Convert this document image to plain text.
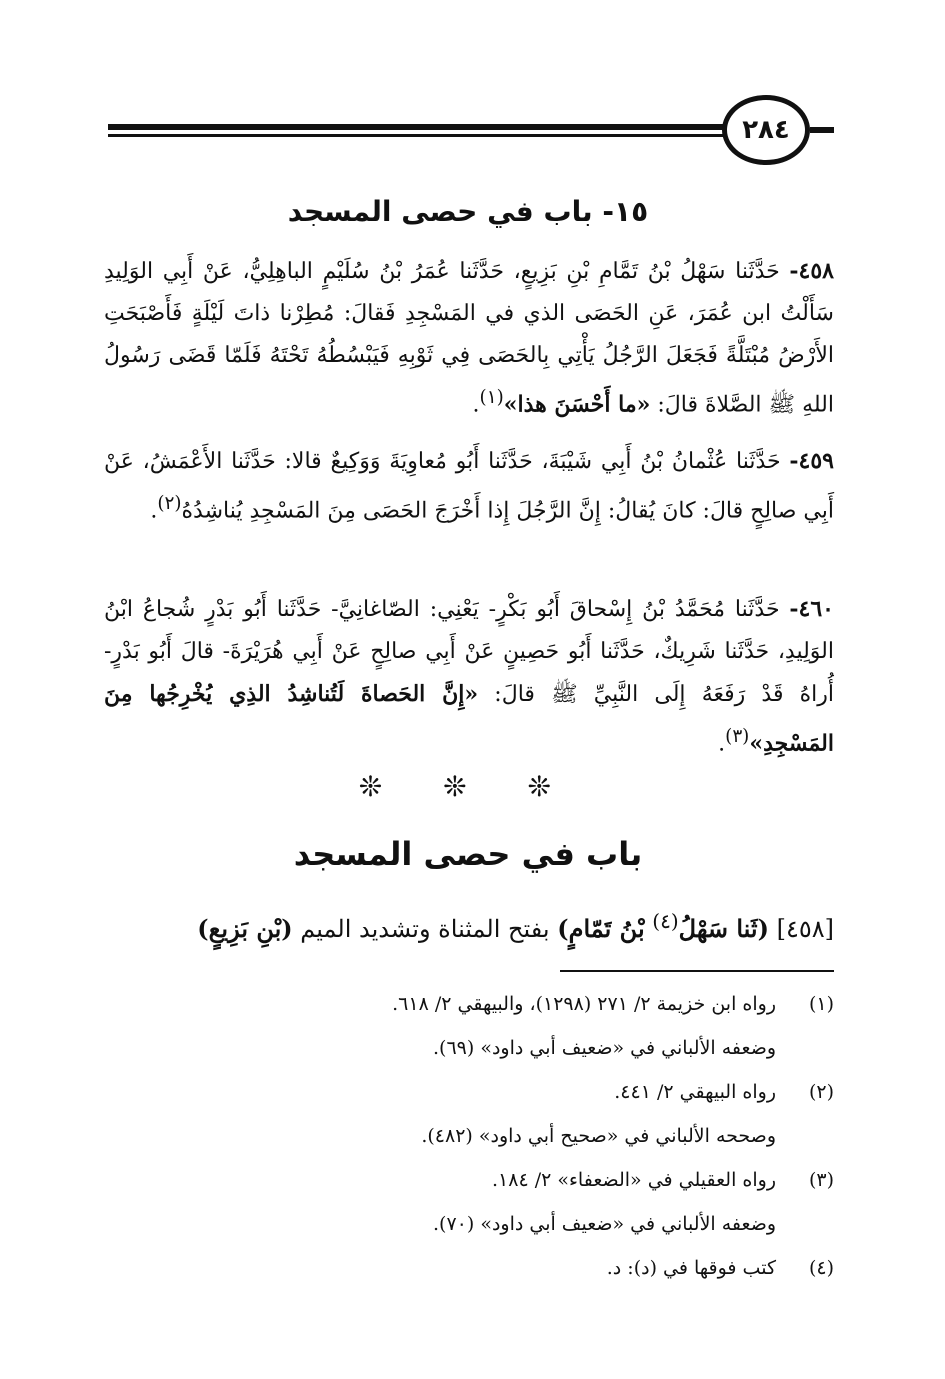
٢٨٤
١٥- باب في حصى المسجد
٤٥٨- حَدَّثَنا سَهْلُ بْنُ تَمَّامِ بْنِ بَزِيعٍ، حَدَّثَنا عُمَرُ بْنُ سُلَيْمٍ الباهِلِيُّ، عَنْ أَبِي الوَلِيدِ سَأَلْتُ ابن عُمَرَ، عَنِ الحَصَى الذي في المَسْجِدِ فَقالَ: مُطِرْنا ذاتَ لَيْلَةٍ فَأَصْبَحَتِ الأَرْضُ مُبْتَلَّةً فَجَعَلَ الرَّجُلُ يَأْتِي بِالحَصَى فِي ثَوْبِهِ فَيَبْسُطُهُ تَحْتَهُ فَلَمّا قَضَى رَسُولُ اللهِ ﷺ الصَّلاةَ قالَ: «ما أَحْسَنَ هذا»$^{(١)}$.
٤٥٩- حَدَّثَنا عُثْمانُ بْنُ أَبِي شَيْبَةَ، حَدَّثَنا أَبُو مُعاوِيَةَ وَوَكِيعٌ قالا: حَدَّثَنا الأَعْمَشُ، عَنْ أَبِي صالِحٍ قالَ: كانَ يُقالُ: إِنَّ الرَّجُلَ إِذا أَخْرَجَ الحَصَى مِنَ المَسْجِدِ يُناشِدُهُ$^{(٢)}$.
٤٦٠- حَدَّثَنا مُحَمَّدُ بْنُ إِسْحاقَ أَبُو بَكْرٍ- يَعْنِي: الصّاغانِيَّ- حَدَّثَنا أَبُو بَدْرٍ شُجاعُ ابْنُ الوَلِيدِ، حَدَّثَنا شَرِيكٌ، حَدَّثَنا أَبُو حَصِينٍ عَنْ أَبِي صالِحٍ عَنْ أَبِي هُرَيْرَةَ- قالَ أَبُو بَدْرٍ- أُراهُ قَدْ رَفَعَهُ إِلَى النَّبِيِّ ﷺ قالَ: «إِنَّ الحَصاةَ لَتُناشِدُ الذِي يُخْرِجُها مِنَ المَسْجِدِ»$^{(٣)}$.
❊ ❊ ❊
باب في حصى المسجد
[٤٥٨] (ثَنا سَهْلُ$^{(٤)}$ بْنُ تَمّامٍ) بفتح المثناة وتشديد الميم (بْنِ بَزِيعٍ)
(١)
رواه ابن خزيمة ٢/ ٢٧١ (١٢٩٨)، والبيهقي ٢/ ٦١٨.
وضعفه الألباني في «ضعيف أبي داود» (٦٩).
(٢)
رواه البيهقي ٢/ ٤٤١.
وصححه الألباني في «صحيح أبي داود» (٤٨٢).
(٣)
رواه العقيلي في «الضعفاء» ٢/ ١٨٤.
وضعفه الألباني في «ضعيف أبي داود» (٧٠).
(٤)
كتب فوقها في (د): د.
